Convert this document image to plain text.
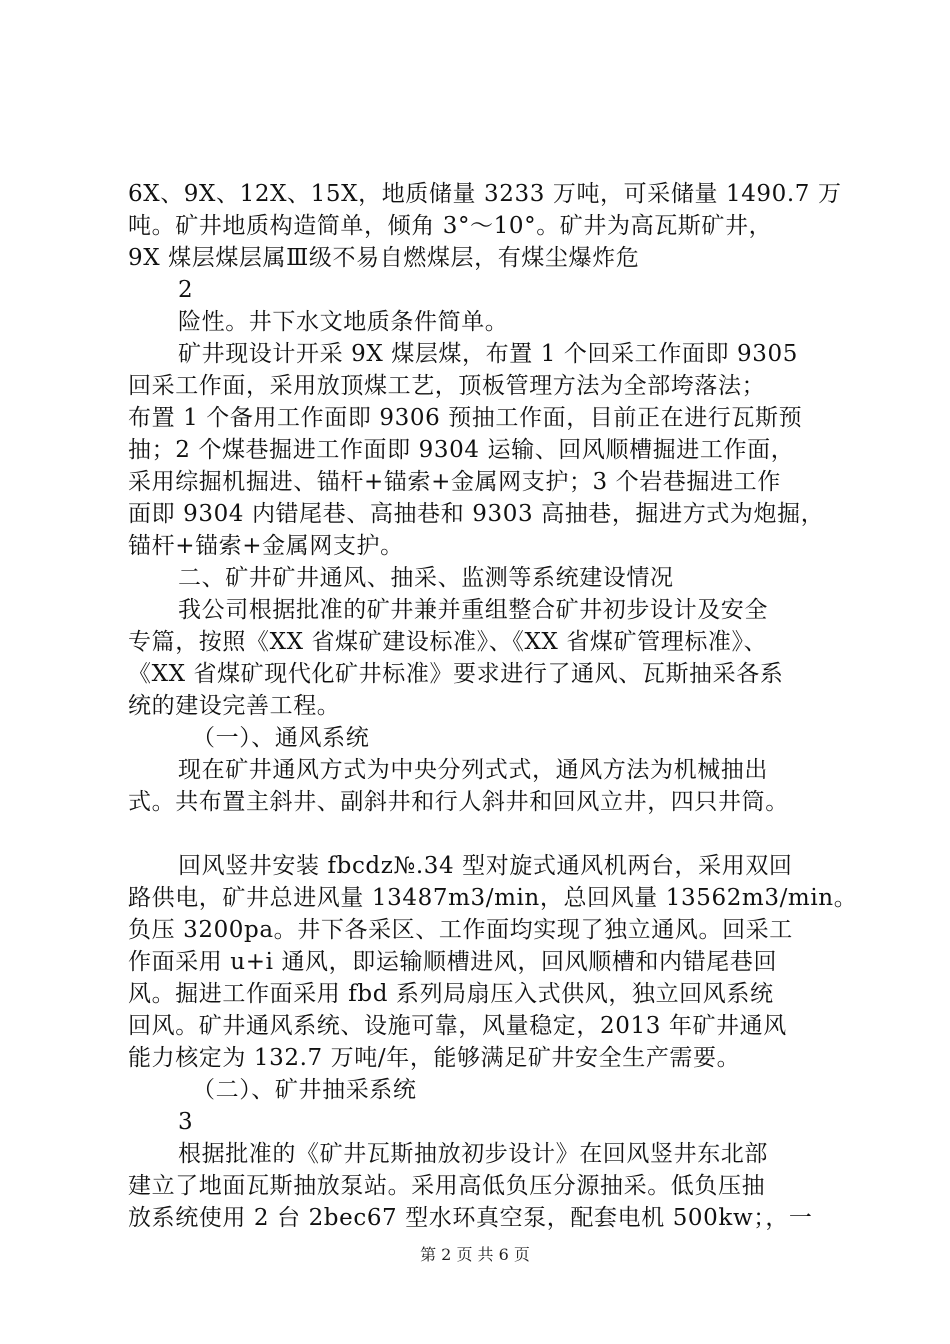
6X、9X、12X、15X，地质储量 3233 万吨，可采储量 1490.7 万
吨。矿井地质构造简单，倾角 3°～10°。矿井为高瓦斯矿井，
9X 煤层煤层属Ⅲ级不易自燃煤层，有煤尘爆炸危
2
险性。井下水文地质条件简单。
矿井现设计开采 9X 煤层煤，布置 1 个回采工作面即 9305
回采工作面，采用放顶煤工艺，顶板管理方法为全部垮落法；
布置 1 个备用工作面即 9306 预抽工作面，目前正在进行瓦斯预
抽；2 个煤巷掘进工作面即 9304 运输、回风顺槽掘进工作面，
采用综掘机掘进、锚杆+锚索+金属网支护；3 个岩巷掘进工作
面即 9304 内错尾巷、高抽巷和 9303 高抽巷，掘进方式为炮掘，
锚杆+锚索+金属网支护。
二、矿井矿井通风、抽采、监测等系统建设情况
我公司根据批准的矿井兼并重组整合矿井初步设计及安全
专篇，按照《XX 省煤矿建设标准》、《XX 省煤矿管理标准》、
《XX 省煤矿现代化矿井标准》要求进行了通风、瓦斯抽采各系
统的建设完善工程。
（一）、通风系统
现在矿井通风方式为中央分列式式，通风方法为机械抽出
式。共布置主斜井、副斜井和行人斜井和回风立井，四只井筒。
回风竖井安装 fbcdz№.34 型对旋式通风机两台，采用双回
路供电，矿井总进风量 13487m3/min，总回风量 13562m3/min。
负压 3200pa。井下各采区、工作面均实现了独立通风。回采工
作面采用 u+i 通风，即运输顺槽进风，回风顺槽和内错尾巷回
风。掘进工作面采用 fbd 系列局扇压入式供风，独立回风系统
回风。矿井通风系统、设施可靠，风量稳定，2013 年矿井通风
能力核定为 132.7 万吨/年，能够满足矿井安全生产需要。
（二）、矿井抽采系统
3
根据批准的《矿井瓦斯抽放初步设计》在回风竖井东北部
建立了地面瓦斯抽放泵站。采用高低负压分源抽采。低负压抽
放系统使用 2 台 2bec67 型水环真空泵，配套电机 500kw；，一
第 2 页 共 6 页
